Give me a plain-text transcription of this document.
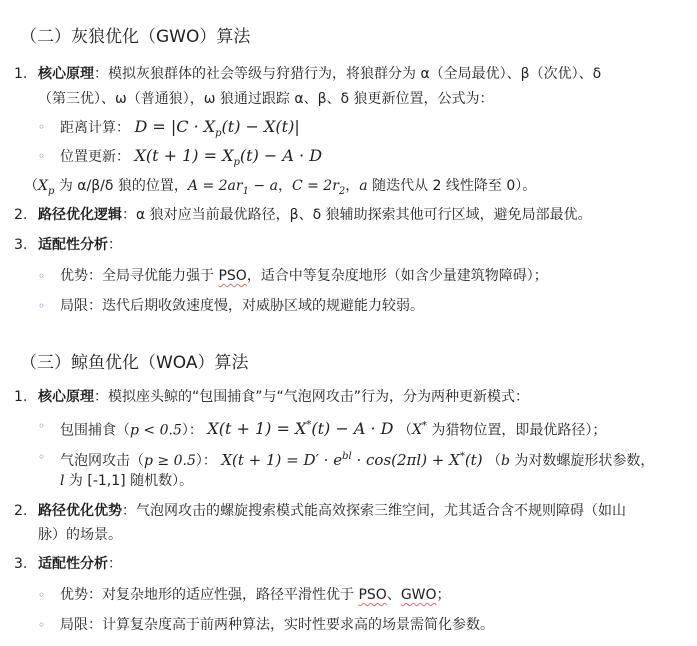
（二）灰狼优化（GWO）算法
1. 核心原理：模拟灰狼群体的社会等级与狩猎行为，将狼群分为 α（全局最优）、β（次优）、δ
（第三优）、ω（普通狼），ω 狼通过跟踪 α、β、δ 狼更新位置，公式为：
◦ 距离计算： $D = |C \cdot X_p(t) - X(t)|$
◦ 位置更新： $X(t + 1) = X_p(t) - A \cdot D$
（$X_p$ 为 α/β/δ 狼的位置，$A = 2ar_1 - a$，$C = 2r_2$，a 随迭代从 2 线性降至 0）。
2. 路径优化逻辑：α 狼对应当前最优路径，β、δ 狼辅助探索其他可行区域，避免局部最优。
3. 适配性分析：
◦ 优势：全局寻优能力强于 PSO，适合中等复杂度地形（如含少量建筑物障碍）；
◦ 局限：迭代后期收敛速度慢，对威胁区域的规避能力较弱。
（三）鲸鱼优化（WOA）算法
1. 核心原理：模拟座头鲸的“包围捕食”与“气泡网攻击”行为，分为两种更新模式：
◦ 包围捕食（p < 0.5）： X(t + 1) = X*(t) − A · D （X* 为猎物位置，即最优路径）；
◦ 气泡网攻击（p ≥ 0.5）： $X(t + 1) = D' \cdot e^{bl} \cdot \cos(2\pi l) + X^*(t)$ （b 为对数螺旋形状参数，
l 为 [-1,1] 随机数）。
2. 路径优化优势：气泡网攻击的螺旋搜索模式能高效探索三维空间，尤其适合含不规则障碍（如山
脉）的场景。
3. 适配性分析：
◦ 优势：对复杂地形的适应性强，路径平滑性优于 PSO、GWO；
◦ 局限：计算复杂度高于前两种算法，实时性要求高的场景需简化参数。
